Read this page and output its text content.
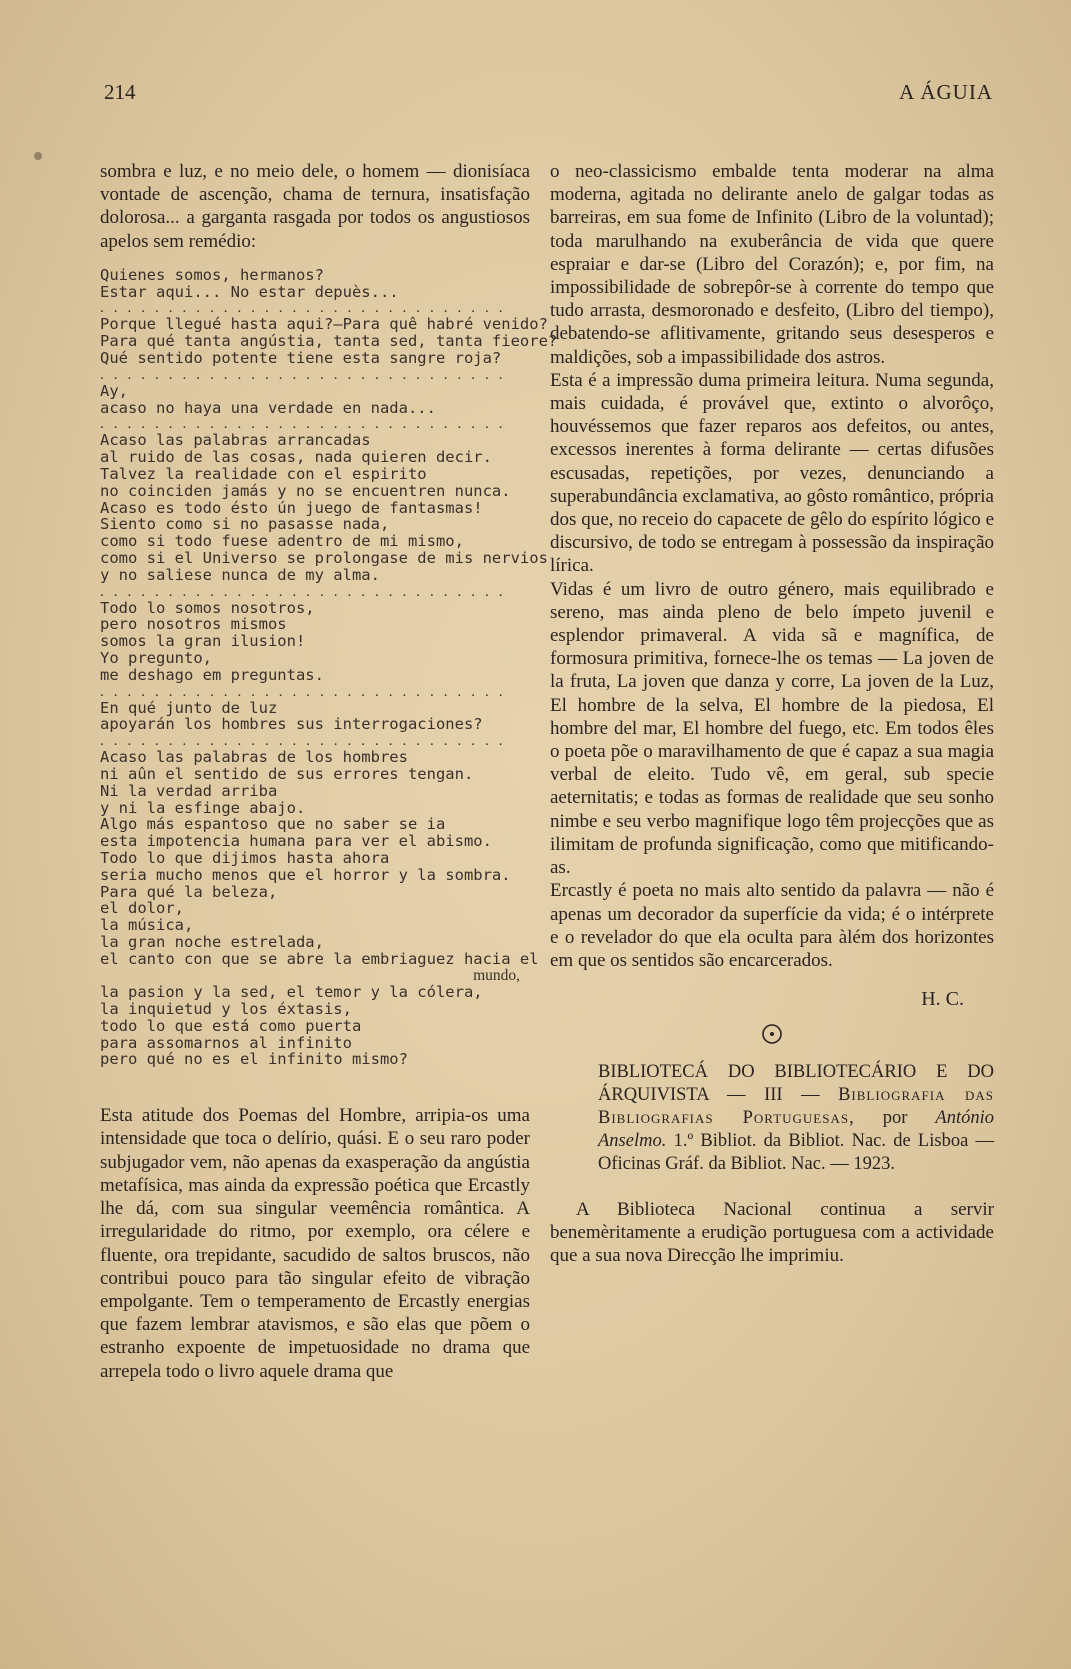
214	A ÁGUIA

sombra e luz, e no meio dele, o homem — dionisíaca vontade de ascenção, chama de ternura, insatisfação dolorosa... a garganta rasgada por todos os angustiosos apelos sem remédio:

Quienes somos, hermanos?
Estar aqui... No estar depuès...
..............................
Porque llegué hasta aqui?—Para quê habré venido?
Para qué tanta angústia, tanta sed, tanta fieore?
Qué sentido potente tiene esta sangre roja?
..............................
Ay,
acaso no haya una verdade en nada...
..............................
Acaso las palabras arrancadas
al ruido de las cosas, nada quieren decir.
Talvez la realidade con el espirito
no coinciden jamás y no se encuentren nunca.
Acaso es todo ésto ún juego de fantasmas!
Siento como si no pasasse nada,
como si todo fuese adentro de mi mismo,
como si el Universo se prolongase de mis nervios
y no saliese nunca de my alma.
..............................
Todo lo somos nosotros,
pero nosotros mismos
somos la gran ilusion!
Yo pregunto,
me deshago em preguntas.
..............................
En qué junto de luz
apoyarán los hombres sus interrogaciones?
..............................
Acaso las palabras de los hombres
ni aûn el sentido de sus errores tengan.
Ni la verdad arriba
y ni la esfinge abajo.
Algo más espantoso que no saber se ia
esta impotencia humana para ver el abismo.
Todo lo que dijimos hasta ahora
seria mucho menos que el horror y la sombra.
Para qué la beleza,
el dolor,
la música,
la gran noche estrelada,
el canto con que se abre la embriaguez hacia el
mundo,
la pasion y la sed, el temor y la cólera,
la inquietud y los éxtasis,
todo lo que está como puerta
para assomarnos al infinito
pero qué no es el infinito mismo?

Esta atitude dos Poemas del Hombre, arripia-os uma intensidade que toca o delírio, quási. E o seu raro poder subjugador vem, não apenas da exasperação da angústia metafísica, mas ainda da expressão poética que Ercastly lhe dá, com sua singular veemência romântica. A irregularidade do ritmo, por exemplo, ora célere e fluente, ora trepidante, sacudido de saltos bruscos, não contribui pouco para tão singular efeito de vibração empolgante. Tem o temperamento de Ercastly energias que fazem lembrar atavismos, e são elas que põem o estranho expoente de impetuosidade no drama que arrepela todo o livro aquele drama que

o neo-classicismo embalde tenta moderar na alma moderna, agitada no delirante anelo de galgar todas as barreiras, em sua fome de Infinito (Libro de la voluntad); toda marulhando na exuberância de vida que quere espraiar e dar-se (Libro del Corazón); e, por fim, na impossibilidade de sobrepôr-se à corrente do tempo que tudo arrasta, desmoronado e desfeito, (Libro del tiempo), debatendo-se aflitivamente, gritando seus desesperos e maldições, sob a impassibilidade dos astros.

Esta é a impressão duma primeira leitura. Numa segunda, mais cuidada, é provável que, extinto o alvorôço, houvéssemos que fazer reparos aos defeitos, ou antes, excessos inerentes à forma delirante — certas difusões escusadas, repetições, por vezes, denunciando a superabundância exclamativa, ao gôsto romântico, própria dos que, no receio do capacete de gêlo do espírito lógico e discursivo, de todo se entregam à possessão da inspiração lírica.

Vidas é um livro de outro género, mais equilibrado e sereno, mas ainda pleno de belo ímpeto juvenil e esplendor primaveral. A vida sã e magnífica, de formosura primitiva, fornece-lhe os temas — La joven de la fruta, La joven que danza y corre, La joven de la Luz, El hombre de la selva, El hombre de la piedosa, El hombre del mar, El hombre del fuego, etc. Em todos êles o poeta põe o maravilhamento de que é capaz a sua magia verbal de eleito. Tudo vê, em geral, sub specie aeternitatis; e todas as formas de realidade que seu sonho nimbe e seu verbo magnifique logo têm projecções que as ilimitam de profunda significação, como que mitificando-as.

Ercastly é poeta no mais alto sentido da palavra — não é apenas um decorador da superfície da vida; é o intérprete e o revelador do que ela oculta para àlém dos horizontes em que os sentidos são encarcerados.

H. C.

BIBLIOTECÁ DO BIBLIOTECÁRIO E DO ÁRQUIVISTA — III — Bibliografia das Bibliografias Portuguesas, por António Anselmo. 1.º Bibliot. da Bibliot. Nac. de Lisboa — Oficinas Gráf. da Bibliot. Nac. — 1923.

A Biblioteca Nacional continua a servir benemèritamente a erudição portuguesa com a actividade que a sua nova Direcção lhe imprimiu.
